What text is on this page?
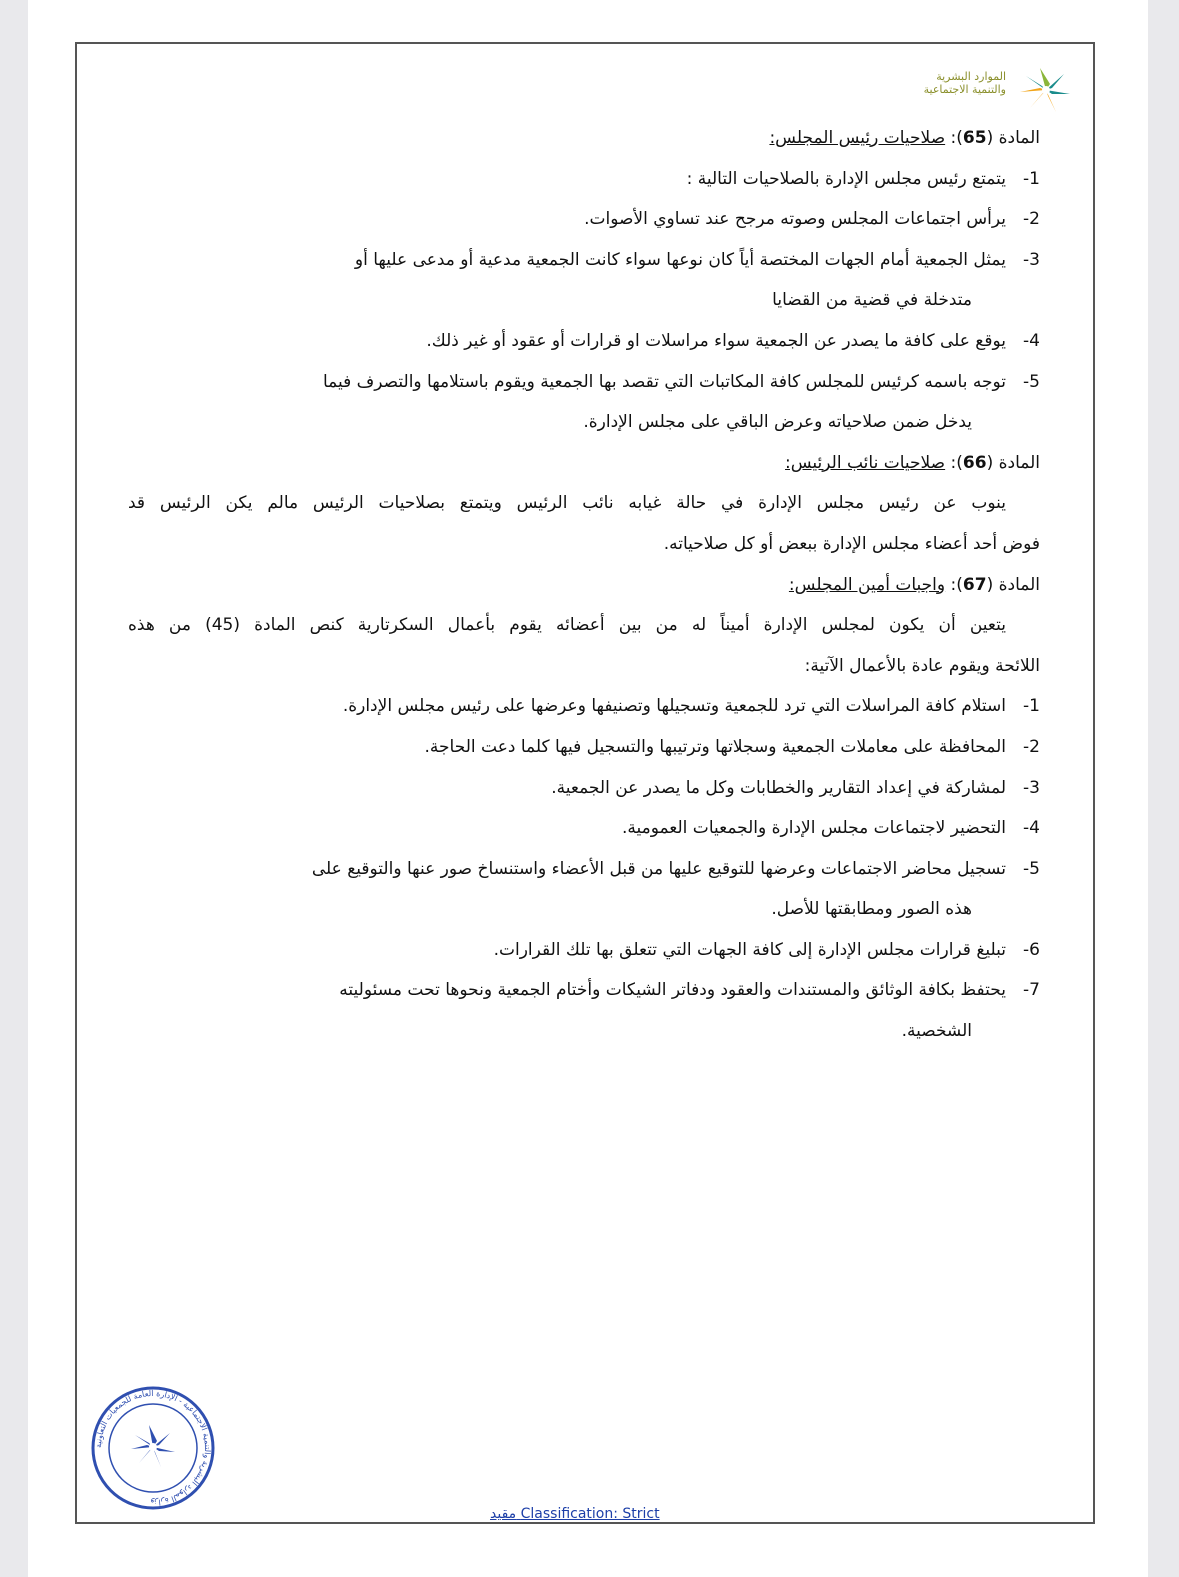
الموارد البشرية
والتنمية الاجتماعية
المادة (65): صلاحيات رئيس المجلس:
1-
يتمتع رئيس مجلس الإدارة بالصلاحيات التالية :
2-
يرأس اجتماعات المجلس وصوته مرجح عند تساوي الأصوات.
3-
يمثل الجمعية أمام الجهات المختصة أياً كان نوعها سواء كانت الجمعية مدعية أو مدعى عليها أو
متدخلة في قضية من القضايا
4-
يوقع على كافة ما يصدر عن الجمعية سواء مراسلات او قرارات أو عقود أو غير ذلك.
5-
توجه باسمه كرئيس للمجلس كافة المكاتبات التي تقصد بها الجمعية ويقوم باستلامها والتصرف فيما
يدخل ضمن صلاحياته وعرض الباقي على مجلس الإدارة.
المادة (66): صلاحيات نائب الرئيس:
ينوب عن رئيس مجلس الإدارة في حالة غيابه نائب الرئيس ويتمتع بصلاحيات الرئيس مالم يكن الرئيس قد
فوض أحد أعضاء مجلس الإدارة ببعض أو كل صلاحياته.
المادة (67): واجبات أمين المجلس:
يتعين أن يكون لمجلس الإدارة أميناً له من بين أعضائه يقوم بأعمال السكرتارية كنص المادة (45) من هذه
اللائحة ويقوم عادة بالأعمال الآتية:
1-
استلام كافة المراسلات التي ترد للجمعية وتسجيلها وتصنيفها وعرضها على رئيس مجلس الإدارة.
2-
المحافظة على معاملات الجمعية وسجلاتها وترتيبها والتسجيل فيها كلما دعت الحاجة.
3-
لمشاركة في إعداد التقارير والخطابات وكل ما يصدر عن الجمعية.
4-
التحضير لاجتماعات مجلس الإدارة والجمعيات العمومية.
5-
تسجيل محاضر الاجتماعات وعرضها للتوقيع عليها من قبل الأعضاء واستنساخ صور عنها والتوقيع على
هذه الصور ومطابقتها للأصل.
6-
تبليغ قرارات مجلس الإدارة إلى كافة الجهات التي تتعلق بها تلك القرارات.
7-
يحتفظ بكافة الوثائق والمستندات والعقود ودفاتر الشيكات وأختام الجمعية ونحوها تحت مسئوليته
الشخصية.
وزارة الموارد البشرية والتنمية الاجتماعية - الإدارة العامة للجمعيات التعاونية
مقيد Classification: Strict
